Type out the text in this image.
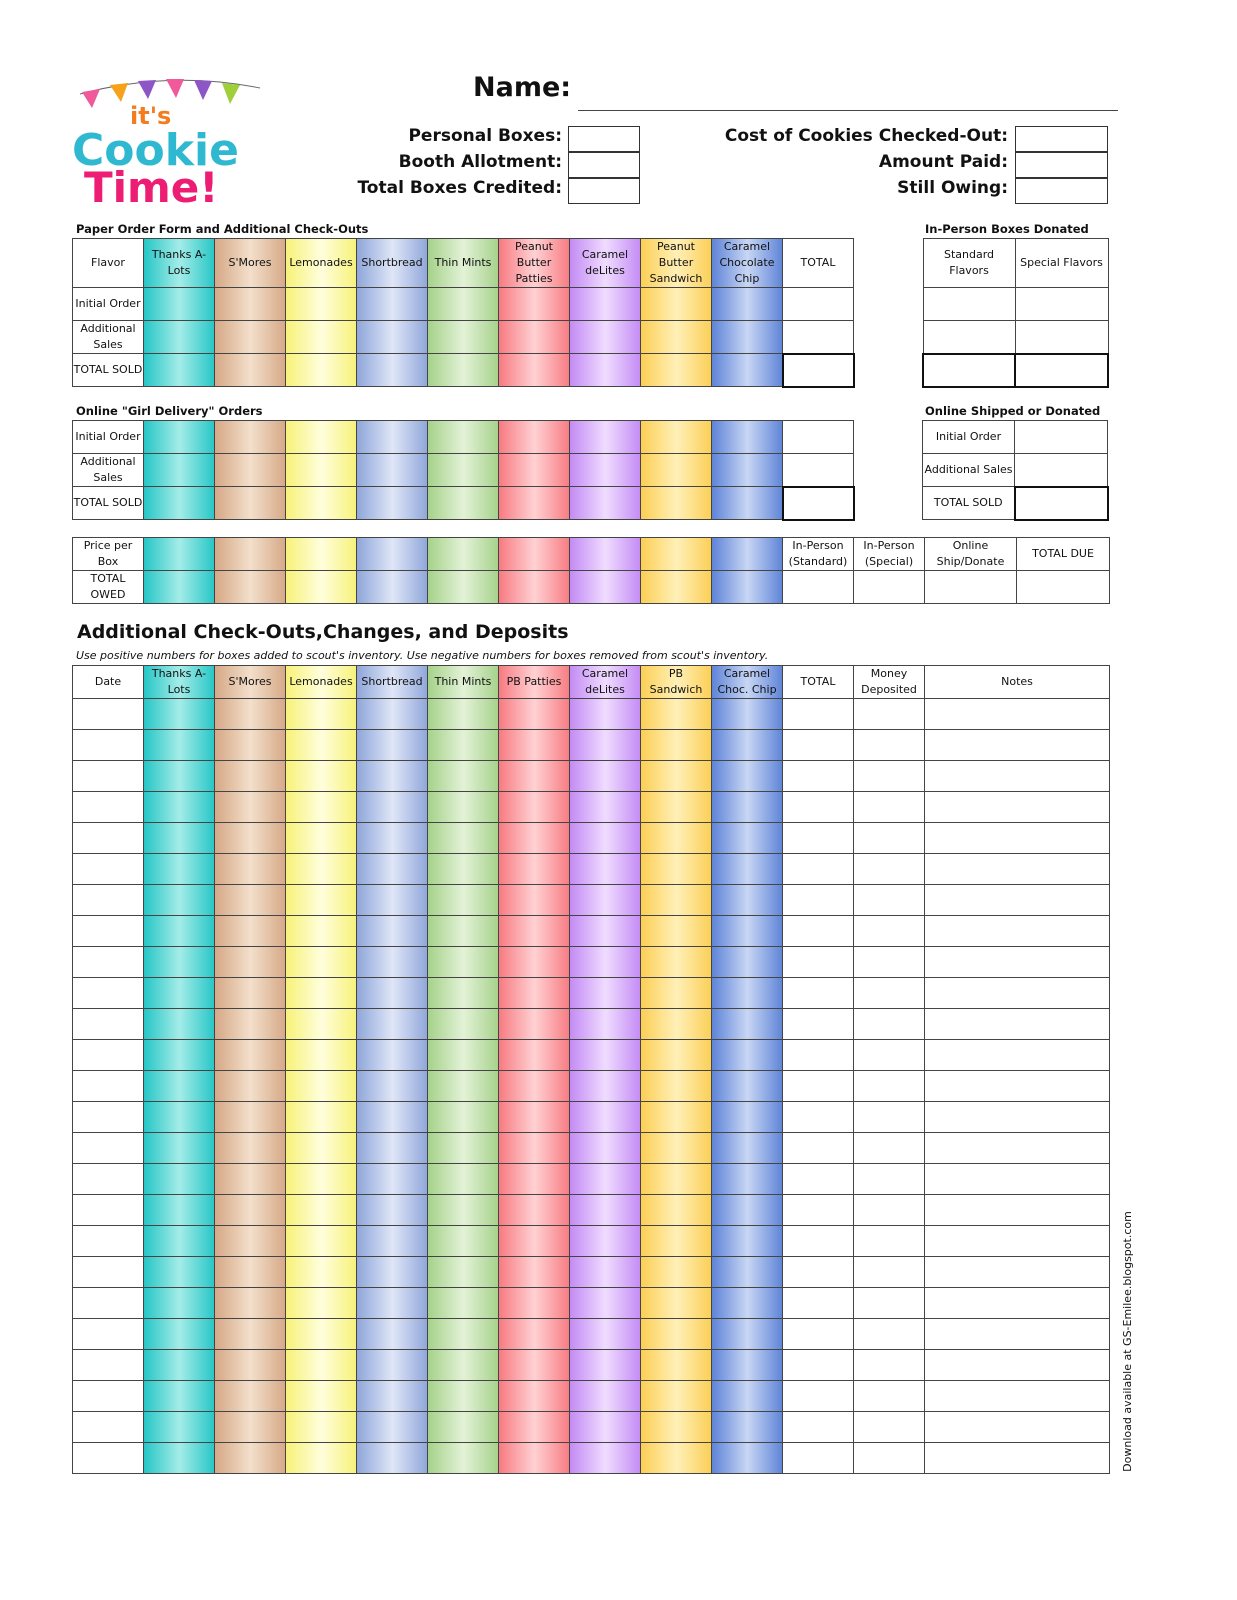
it's
Cookie
Time!
Name:
Personal Boxes:
Booth Allotment:
Total Boxes Credited:
Cost of Cookies Checked-Out:
Amount Paid:
Still Owing:
Paper Order Form and Additional Check-Outs
Flavor	Thanks A-Lots	S'Mores	Lemonades	Shortbread	Thin Mints	Peanut Butter Patties	Caramel deLites	Peanut Butter Sandwich	Caramel Chocolate Chip	TOTAL
Initial Order										
Additional Sales										
TOTAL SOLD										
In-Person Boxes Donated
Standard Flavors	Special Flavors

Online "Girl Delivery" Orders
Initial Order										
Additional Sales										
TOTAL SOLD										
Online Shipped or Donated
Initial Order	
Additional Sales	
TOTAL SOLD	
Price per Box										In-Person (Standard)	In-Person (Special)	Online Ship/Donate	TOTAL DUE
TOTAL OWED													
Additional Check-Outs,Changes, and Deposits
Use positive numbers for boxes added to scout's inventory. Use negative numbers for boxes removed from scout's inventory.
Date	Thanks A-Lots	S'Mores	Lemonades	Shortbread	Thin Mints	PB Patties	Caramel deLites	PB Sandwich	Caramel Choc. Chip	TOTAL	Money Deposited	Notes

Download available at GS-Emilee.blogspot.com
